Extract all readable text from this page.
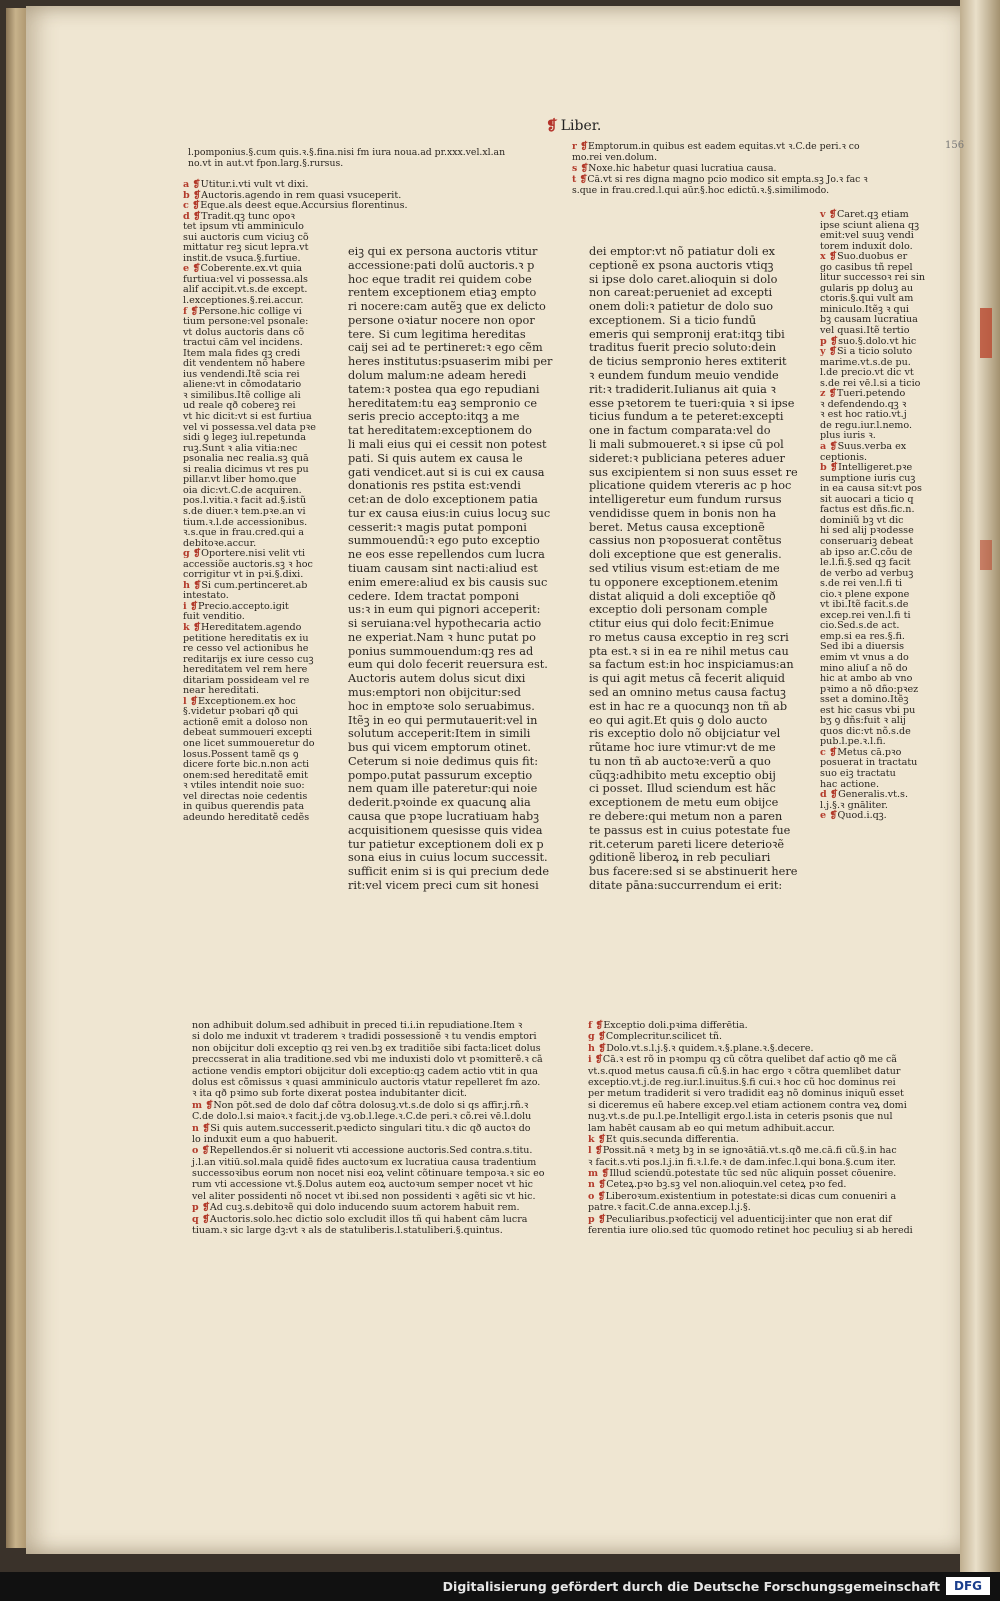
❡ Liber.
156

l.pomponius.§.cum quis.ꝛ.§.fina.nisi fm iura noua.ad pr.xxx.vel.xl.an

no.vt in aut.vt fpon.larg.§.rursus.

a ❡Utitur.i.vti vult vt dixi.

b ❡Auctoris.agendo in rem quasi vsuceperit.

c ❡Eque.als deest eque.Accursius florentinus.

d ❡Tradit.qꝫ tunc opoꝛ

tet ipsum vti amminiculo

sui auctoris cum viciuꝫ cõ

mittatur reꝫ sicut lepra.vt

instit.de vsuca.§.furtiue.

e ❡Coberente.ex.vt quia

furtiua:vel vi possessa.als

alif accipit.vt.s.de except.

l.exceptiones.§.rei.accur.

f ❡Persone.hic collige vi

tium persone:vel psonale:

vt dolus auctoris dans cõ

tractui cām vel incidens.

Item mala fides qꝫ credi

dit vendentem nõ habere

ius vendendi.Itẽ scia rei

aliene:vt in cõmodatario

ꝛ similibus.Itẽ collige ali

ud reale qð cobereꝫ rei

vt hic dicit:vt si est furtiua

vel vi possessa.vel data pꝛe

sidi ꝯ legeꝫ iul.repetunda

ruꝫ.Sunt ꝛ alia vitia:nec

psonalia nec realia.sꝫ quā

si realia dicimus vt res pu

pillar.vt liber homo.que

oia dic:vt.C.de acquiren.

pos.l.vitia.ꝛ facit ad.§.istũ

s.de diuer.ꝛ tem.pꝛe.an vi

tium.ꝛ.l.de accessionibus.

ꝛ.s.que in frau.cred.qui a

debitoꝛe.accur.

g ❡Oportere.nisi velit vti

accessiõe auctoris.sꝫ ꝛ hoc

corrigitur vt in pꝛi.§.dixi.

h ❡Si cum.pertinceret.ab

intestato.

i ❡Precio.accepto.igit

fuit venditio.

k ❡Hereditatem.agendo

petitione hereditatis ex iu

re cesso vel actionibus he

reditarijs ex iure cesso cuꝫ

hereditatem vel rem here

ditariam possideam vel re

near hereditati.

l ❡Exceptionem.ex hoc

§.videtur pꝛobari qð qui

actionẽ emit a doloso non

debeat summoueri excepti

one licet summoueretur do

losus.Possent tamẽ qs ꝯ

dicere forte bic.n.non acti

onem:sed hereditatẽ emit

ꝛ vtiles intendit noie suo:

vel directas noie cedentis

in quibus querendis pata

adeundo hereditatẽ cedẽs

eiꝫ qui ex persona auctoris vtitur

accessione:pati dolū auctoris.ꝛ p

hoc eque tradit rei quidem cobe

rentem exceptionem etiaꝫ empto

ri nocere:cam autẽꝫ que ex delicto

persone oꝛiatur nocere non opor

tere. Si cum legitima hereditas

caij sei ad te pertineret:ꝛ ego cẽm

heres institutus:psuaserim mibi per

dolum malum:ne adeam heredi

tatem:ꝛ postea qua ego repudiani

hereditatem:tu eaꝫ sempronio ce

seris precio accepto:itqꝫ a me

tat hereditatem:exceptionem do

li mali eius qui ei cessit non potest

pati. Si quis autem ex causa le

gati vendicet.aut si is cui ex causa

donationis res pstita est:vendi

cet:an de dolo exceptionem patia

tur ex causa eius:in cuius locuꝫ suc

cesserit:ꝛ magis putat pomponi

summouendū:ꝛ ego puto exceptio

ne eos esse repellendos cum lucra

tiuam causam sint nacti:aliud est

enim emere:aliud ex bis causis suc

cedere. Idem tractat pomponi

us:ꝛ in eum qui pignori acceperit:

si seruiana:vel hypothecaria actio

ne experiat.Nam ꝛ hunc putat po

ponius summouendum:qꝫ res ad

eum qui dolo fecerit reuersura est.

Auctoris autem dolus sicut dixi

mus:emptori non obijcitur:sed

hoc in emptoꝛe solo seruabimus.

Itẽꝫ in eo qui permutauerit:vel in

solutum acceperit:Item in simili

bus qui vicem emptorum otinet.

Ceterum si noie dedimus quis fit:

pompo.putat passurum exceptio

nem quam ille pateretur:qui noie

dederit.pꝛoinde ex quacunꝗ alia

causa que pꝛope lucratiuam habꝫ

acquisitionem quesisse quis videa

tur patietur exceptionem doli ex p

sona eius in cuius locum successit.

sufficit enim si is qui precium dede

rit:vel vicem preci cum sit honesi

dei emptor:vt nõ patiatur doli ex

ceptionẽ ex psona auctoris vtiqꝫ

si ipse dolo caret.alioquin si dolo

non careat:perueniet ad excepti

onem doli:ꝛ patietur de dolo suo

exceptionem. Si a ticio fundū

emeris qui sempronij erat:itqꝫ tibi

traditus fuerit precio soluto:dein

de ticius sempronio heres extiterit

ꝛ eundem fundum meuio vendide

rit:ꝛ tradiderit.Iulianus ait quia ꝛ

esse pꝛetorem te tueri:quia ꝛ si ipse

ticius fundum a te peteret:excepti

one in factum comparata:vel do

li mali submoueret.ꝛ si ipse cū pol

sideret:ꝛ publiciana peteres aduer

sus excipientem si non suus esset re

plicatione quidem vtereris ac p hoc

intelligeretur eum fundum rursus

vendidisse quem in bonis non ha

beret. Metus causa exceptionẽ

cassius non pꝛoposuerat contẽtus

doli exceptione que est generalis.

sed vtilius visum est:etiam de me

tu opponere exceptionem.etenim

distat aliquid a doli exceptiõe qð

exceptio doli personam comple

ctitur eius qui dolo fecit:Enimue

ro metus causa exceptio in reꝫ scri

pta est.ꝛ si in ea re nihil metus cau

sa factum est:in hoc inspiciamus:an

is qui agit metus cā fecerit aliquid

sed an omnino metus causa factuꝫ

est in hac re a quocunqꝫ non tñ ab

eo qui agit.Et quis ꝯ dolo aucto

ris exceptio dolo nõ obijciatur vel

rũtame hoc iure vtimur:vt de me

tu non tñ ab auctoꝛe:verũ a quo

cũqꝫ:adhibito metu exceptio obij

ci posset. Illud sciendum est hãc

exceptionem de metu eum obijce

re debere:qui metum non a paren

te passus est in cuius potestate fue

rit.ceterum pareti licere deterioꝛẽ

ꝯditionẽ liberoꝝ in reb peculiari

bus facere:sed si se abstinuerit here

ditate pāna:succurrendum ei erit:

r ❡Emptorum.in quibus est eadem equitas.vt ꝛ.C.de peri.ꝛ co

mo.rei ven.dolum.

s ❡Noxe.hic habetur quasi lucratiua causa.

t ❡Cā.vt si res digna magno pcio modico sit empta.sꝫ Jo.ꝛ fac ꝛ

s.que in frau.cred.l.qui aūr.§.hoc edictū.ꝛ.§.similimodo.

v ❡Caret.qꝫ etiam

ipse sciunt aliena qꝫ

emit:vel suuꝫ vendi

torem induxit dolo.

x ❡Suo.duobus er

go casibus tñ repel

litur successoꝛ rei sin

gularis pp doluꝫ au

ctoris.§.qui vult am

miniculo.Itẽꝫ ꝛ qui

bꝫ causam lucratiua

vel quasi.Itẽ tertio

p ❡suo.§.dolo.vt hic

y ❡Si a ticio soluto

marime.vt.s.de pu.

l.de precio.vt dic vt

s.de rei vē.l.si a ticio

z ❡Tueri.petendo

ꝛ defendendo.qꝫ ꝛ

ꝛ est hoc ratio.vt.j

de regu.iur.l.nemo.

plus iuris ꝛ.

a ❡Suus.verba ex

ceptionis.

b ❡Intelligeret.pꝛe

sumptione iuris cuꝫ

in ea causa sit:vt pos

sit auocari a ticio q

factus est dñs.fic.n.

dominiũ bꝫ vt dic

hi sed alij pꝛodesse

conseruariꝫ debeat

ab ipso ar.C.cõu de

le.l.fi.§.sed qꝫ facit

de verbo ad verbuꝫ

s.de rei ven.l.fi ti

cio.ꝛ plene expone

vt ibi.Itẽ facit.s.de

excep.rei ven.l.fi ti

cio.Sed.s.de act.

emp.si ea res.§.fi.

Sed ibi a diuersis

emim vt vnus a do

mino aliuſ a nõ do

hic at ambo ab vno

pꝛimo a nõ dño:pꝛez

sset a domino.Itẽꝫ

est hic casus vbi pu

bʒ ꝯ dñs:fuit ꝛ alij

quos dic:vt nõ.s.de

pub.l.pe.ꝛ.l.fi.

c ❡Metus cā.pꝛo

posuerat in tractatu

suo eiꝫ tractatu

hac actione.

d ❡Generalis.vt.s.

l.j.§.ꝛ gnāliter.

e ❡Quod.i.qꝫ.

non adhibuit dolum.sed adhibuit in preced ti.i.in repudiatione.Item ꝛ

si dolo me induxit vt traderem ꝛ tradidi possessionẽ ꝛ tu vendis emptori

non obijcitur doli exceptio qꝫ rei ven.bꝫ ex traditiõe sibi facta:licet dolus

preccsserat in alia traditione.sed vbi me induxisti dolo vt pꝛomitterẽ.ꝛ cã

actione vendis emptori obijcitur doli exceptio:qꝫ cadem actio vtit in qua

dolus est cõmissus ꝛ quasi amminiculo auctoris vtatur repelleret fm azo.

ꝛ ita qð pꝛimo sub forte dixerat postea indubitanter dicit.

m ❡Non pōt.sed de dolo daf cõtra dolosuꝫ.vt.s.de dolo si qs affir.j.rñ.ꝛ

C.de dolo.l.si maioꝛ.ꝛ facit.j.de vꝫ.ob.l.lege.ꝛ.C.de peri.ꝛ cõ.rei vē.l.dolu

n ❡Si quis autem.successerit.pꝛedicto singulari titu.ꝛ dic qð auctoꝛ do

lo induxit eum a quo habuerit.

o ❡Repellendos.ēr si noluerit vti accessione auctoris.Sed contra.s.titu.

j.l.an vitiū.sol.mala quidẽ fides auctoꝛum ex lucratiua causa tradentium

successoꝛibus eorum non nocet nisi eoꝝ velint cõtinuare tempoꝛa.ꝛ sic eo

rum vti accessione vt.§.Dolus autem eoꝝ auctoꝛum semper nocet vt hic

vel aliter possidenti nõ nocet vt ibi.sed non possidenti ꝛ agẽti sic vt hic.

p ❡Ad cuꝫ.s.debitoꝛẽ qui dolo inducendo suum actorem habuit rem.

q ❡Auctoris.solo.hec dictio solo excludit illos tñ qui habent cām lucra

tiuam.ꝛ sic large dꝫ:vt ꝛ als de statuliberis.l.statuliberi.§.quintus.

f ❡Exceptio doli.pꝛima differētia.

g ❡Complecritur.scilicet tñ.

h ❡Dolo.vt.s.l.j.§.ꝛ quidem.ꝛ.§.plane.ꝛ.§.decere.

i ❡Cā.ꝛ est rõ in pꝛompu qꝫ cũ cõtra quelibet daf actio qð me cã

vt.s.quod metus causa.fi cũ.§.in hac ergo ꝛ cõtra quemlibet datur

exceptio.vt.j.de reg.iur.l.inuitus.§.fi cui.ꝛ hoc cũ hoc dominus rei

per metum tradiderit si vero tradidit eaꝫ nõ dominus iniquũ esset

si diceremus eũ habere excep.vel etiam actionem contra veꝝ domi

nuꝫ.vt.s.de pu.l.pe.Intelligit ergo.l.ista in ceteris psonis que nul

lam habēt causam ab eo qui metum adhibuit.accur.

k ❡Et quis.secunda differentia.

l ❡Possit.nā ꝛ metꝫ bꝫ in se ignoꝛātiā.vt.s.qð me.cā.fi cũ.§.in hac

ꝛ facit.s.vti pos.l.j.in fi.ꝛ.l.fe.ꝛ de dam.infec.l.qui bona.§.cum iter.

m ❡Illud sciendū.potestate tūc sed nūc aliquin posset cōuenire.

n ❡Ceteꝝ.pꝛo bꝫ.sꝫ vel non.alioquin.vel ceteꝝ pꝛo fed.

o ❡Liberoꝛum.existentium in potestate:si dicas cum conueniri a

patre.ꝛ facit.C.de anna.excep.l.j.§.

p ❡Peculiaribus.pꝛofecticij vel aduenticij:inter que non erat dif

ferentia iure olio.sed tūc quomodo retinet hoc peculiuꝫ si ab heredi

Digitalisierung gefördert durch die Deutsche Forschungsgemeinschaft	DFG
